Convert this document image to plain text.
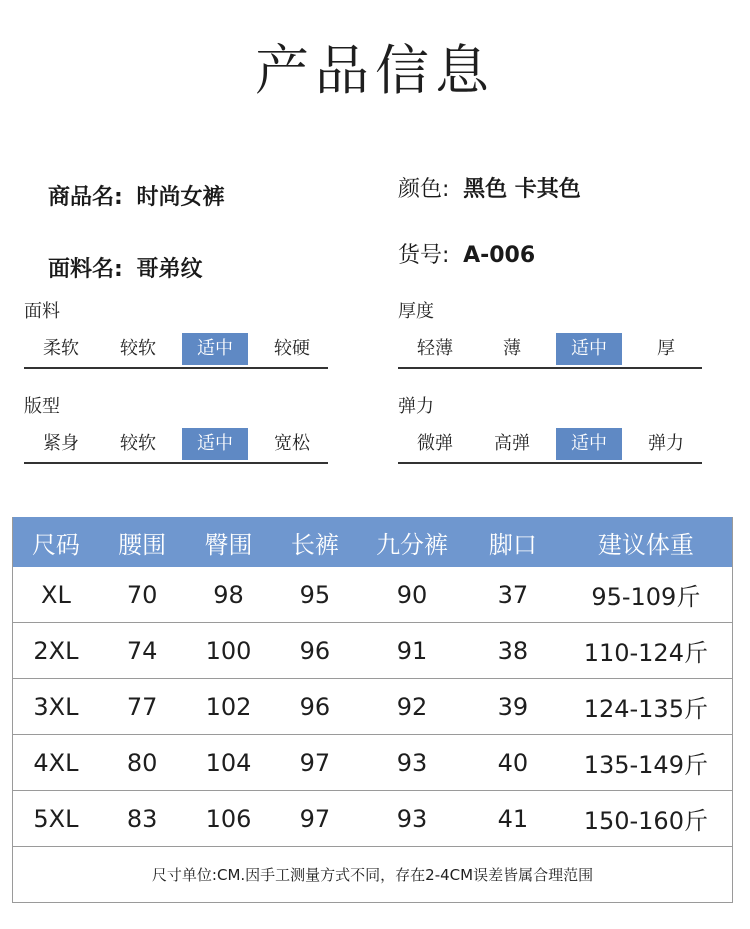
产品信息
商品名: 时尚女裤
面料名: 哥弟纹
颜色: 黑色 卡其色
货号: A-006
面料
柔软	较软	适中	较硬
厚度
轻薄	薄	适中	厚
版型
紧身	较软	适中	宽松
弹力
微弹	高弹	适中	弹力
尺码	腰围	臀围	长裤	九分裤	脚口	建议体重
XL	70	98	95	90	37	95-109斤
2XL	74	100	96	91	38	110-124斤
3XL	77	102	96	92	39	124-135斤
4XL	80	104	97	93	40	135-149斤
5XL	83	106	97	93	41	150-160斤
尺寸单位:CM.因手工测量方式不同，存在2-4CM误差皆属合理范围						
